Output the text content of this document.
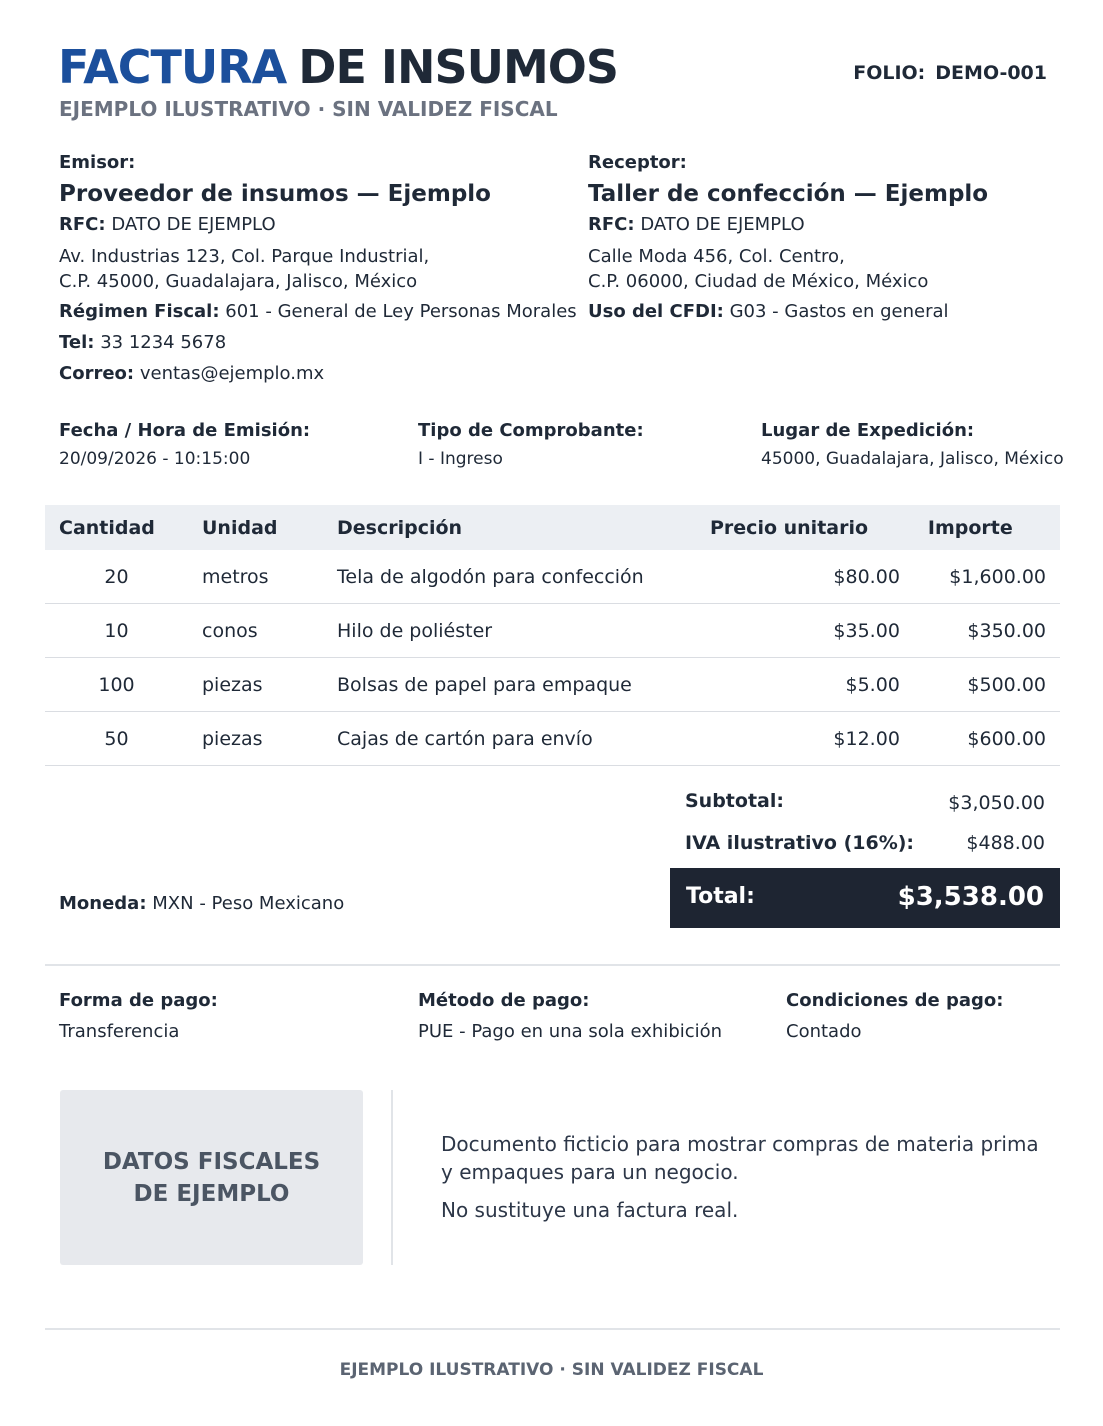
FACTURA DE INSUMOS
EJEMPLO ILUSTRATIVO · SIN VALIDEZ FISCAL
FOLIO: DEMO-001
Emisor:
Proveedor de insumos — Ejemplo
RFC: DATO DE EJEMPLO
Av. Industrias 123, Col. Parque Industrial,
C.P. 45000, Guadalajara, Jalisco, México
Régimen Fiscal: 601 - General de Ley Personas Morales
Tel: 33 1234 5678
Correo: ventas@ejemplo.mx
Receptor:
Taller de confección — Ejemplo
RFC: DATO DE EJEMPLO
Calle Moda 456, Col. Centro,
C.P. 06000, Ciudad de México, México
Uso del CFDI: G03 - Gastos en general
Fecha / Hora de Emisión:
20/09/2026 - 10:15:00
Tipo de Comprobante:
I - Ingreso
Lugar de Expedición:
45000, Guadalajara, Jalisco, México
Cantidad	Unidad	Descripción	Precio unitario	Importe
20	metros	Tela de algodón para confección	$80.00	$1,600.00
10	conos	Hilo de poliéster	$35.00	$350.00
100	piezas	Bolsas de papel para empaque	$5.00	$500.00
50	piezas	Cajas de cartón para envío	$12.00	$600.00
Subtotal:	$3,050.00
IVA ilustrativo (16%):	$488.00
Total:	$3,538.00
Moneda: MXN - Peso Mexicano
Forma de pago:
Transferencia
Método de pago:
PUE - Pago en una sola exhibición
Condiciones de pago:
Contado
DATOS FISCALES
DE EJEMPLO

Documento ficticio para mostrar compras de materia prima
y empaques para un negocio.

No sustituye una factura real.

EJEMPLO ILUSTRATIVO · SIN VALIDEZ FISCAL
